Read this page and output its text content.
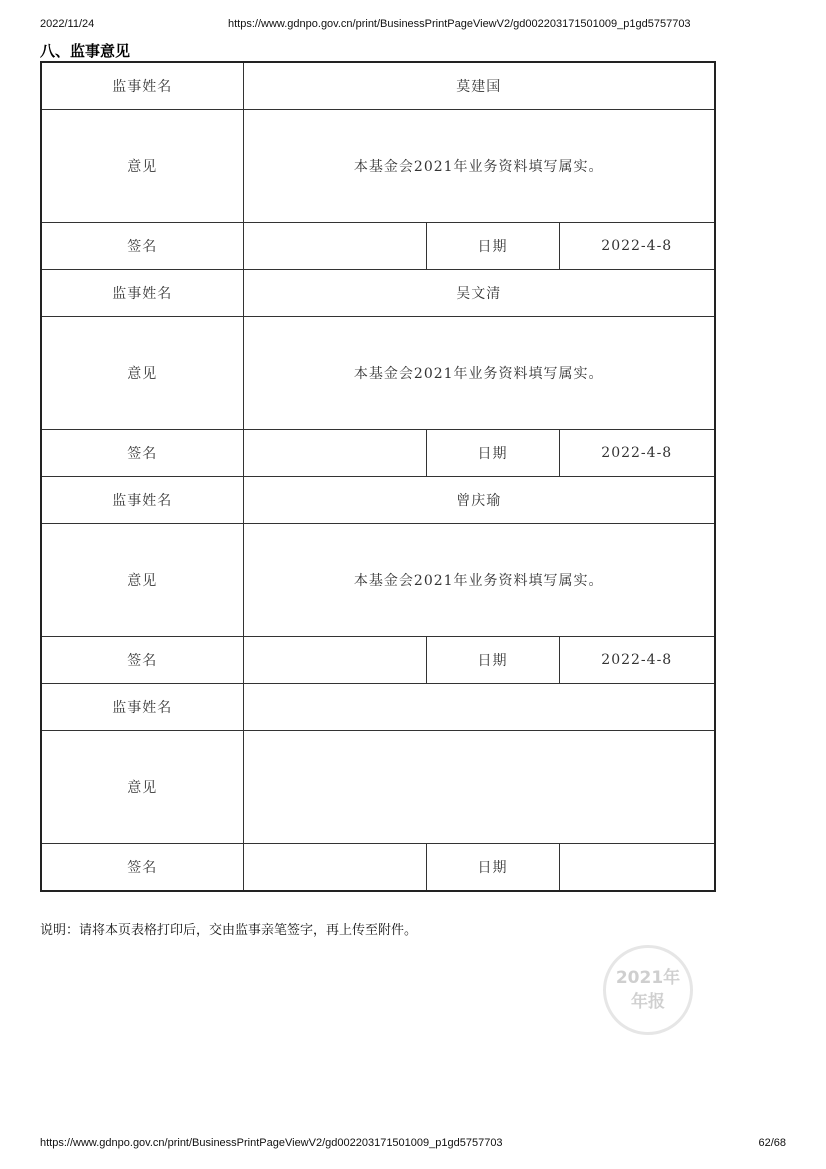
2022/11/24	https://www.gdnpo.gov.cn/print/BusinessPrintPageViewV2/gd002203171501009_p1gd5757703
八、监事意见
监事姓名	莫建国		
意见	本基金会2021年业务资料填写属实。		
签名		日期	2022-4-8
监事姓名	吴文清		
意见	本基金会2021年业务资料填写属实。		
签名		日期	2022-4-8
监事姓名	曾庆瑜		
意见	本基金会2021年业务资料填写属实。		
签名		日期	2022-4-8
监事姓名			
意见			
签名		日期	
说明：请将本页表格打印后，交由监事亲笔签字，再上传至附件。
2021年
年报
https://www.gdnpo.gov.cn/print/BusinessPrintPageViewV2/gd002203171501009_p1gd5757703	62/68
